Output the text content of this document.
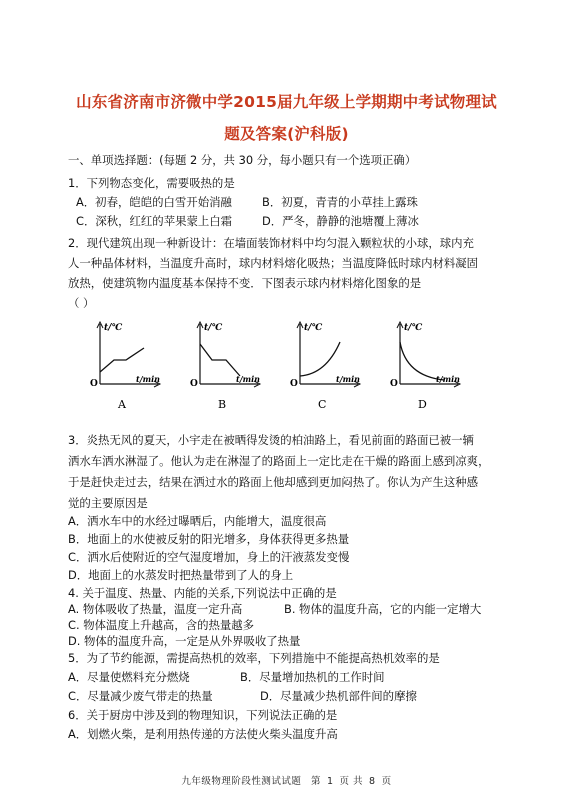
山东省济南市济微中学2015届九年级上学期期中考试物理试
题及答案(沪科版)
一、单项选择题：(每题 2 分，共 30 分，每小题只有一个选项正确）
1．下列物态变化，需要吸热的是
A．初春，皑皑的白雪开始消融	B．初夏，青青的小草挂上露珠
C．深秋，红红的苹果蒙上白霜	D．严冬，静静的池塘覆上薄冰
2．现代建筑出现一种新设计：在墙面装饰材料中均匀混入颗粒状的小球，球内充
人一种晶体材料，当温度升高时，球内材料熔化吸热；当温度降低时球内材料凝固
放热，使建筑物内温度基本保持不变．下图表示球内材料熔化图象的是
（ ）
t/℃
t/min
O
A
t/℃
t/min
O
B
t/℃
t/min
O
C
t/℃
t/min
O
D
3．炎热无风的夏天，小宇走在被晒得发烫的柏油路上，看见前面的路面已被一辆
洒水车洒水淋湿了。他认为走在淋湿了的路面上一定比走在干燥的路面上感到凉爽，
于是赶快走过去，结果在洒过水的路面上他却感到更加闷热了。你认为产生这种感
觉的主要原因是
A．洒水车中的水经过曝晒后，内能增大，温度很高
B．地面上的水使被反射的阳光增多，身体获得更多热量
C．洒水后使附近的空气湿度增加，身上的汗液蒸发变慢
D．地面上的水蒸发时把热量带到了人的身上
4. 关于温度、热量、内能的关系,下列说法中正确的是
A. 物体吸收了热量，温度一定升高	B. 物体的温度升高，它的内能一定增大
C. 物体温度上升越高，含的热量越多
D. 物体的温度升高，一定是从外界吸收了热量
5．为了节约能源，需提高热机的效率，下列措施中不能提高热机效率的是
A．尽量使燃料充分燃烧	B．尽量增加热机的工作时间
C．尽量减少废气带走的热量	D．尽量减少热机部件间的摩擦
6．关于厨房中涉及到的物理知识，下列说法正确的是
A．划燃火柴，是利用热传递的方法使火柴头温度升高
九年级物理阶段性测试试题 第 1 页 共 8 页
